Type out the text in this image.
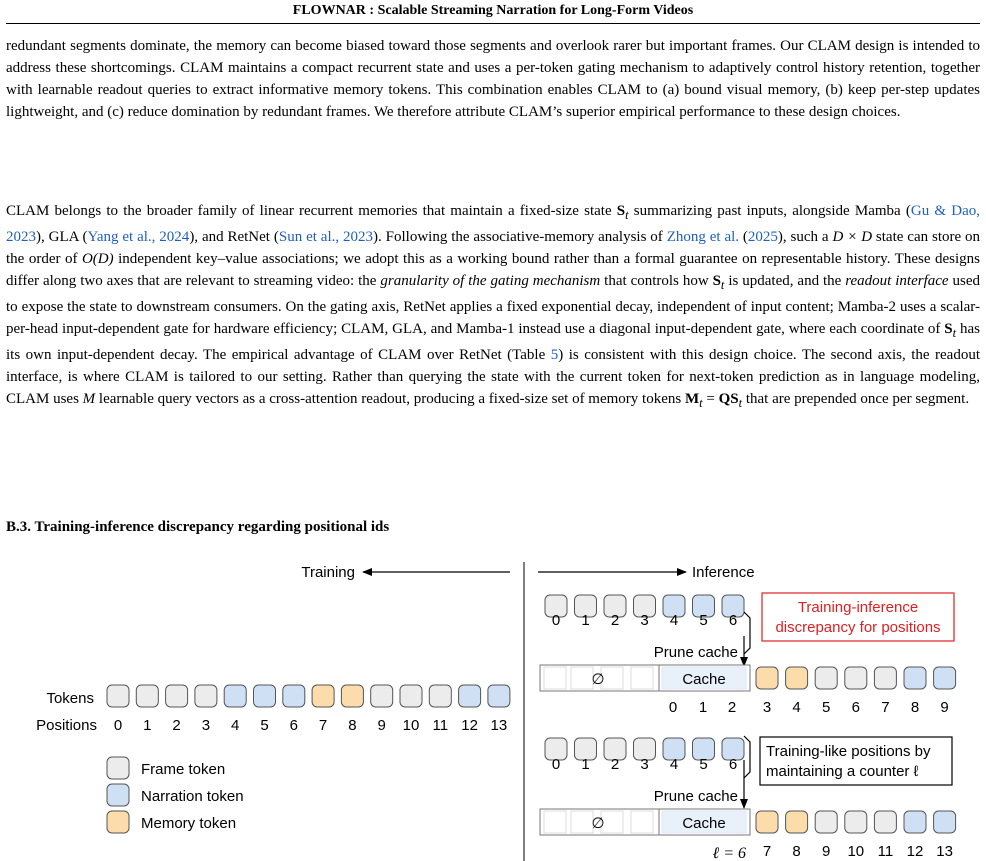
FLOWNAR : Scalable Streaming Narration for Long-Form Videos

redundant segments dominate, the memory can become biased toward those segments and overlook rarer but important frames. Our CLAM design is intended to address these shortcomings. CLAM maintains a compact recurrent state and uses a per-token gating mechanism to adaptively control history retention, together with learnable readout queries to extract informative memory tokens. This combination enables CLAM to (a) bound visual memory, (b) keep per-step updates lightweight, and (c) reduce domination by redundant frames. We therefore attribute CLAM’s superior empirical performance to these design choices.

CLAM belongs to the broader family of linear recurrent memories that maintain a fixed-size state $S_t$ summarizing past inputs, alongside Mamba (Gu & Dao, 2023), GLA (Yang et al., 2024), and RetNet (Sun et al., 2023). Following the associative-memory analysis of Zhong et al. (2025), such a D × D state can store on the order of O(D) independent key–value associations; we adopt this as a working bound rather than a formal guarantee on representable history. These designs differ along two axes that are relevant to streaming video: the granularity of the gating mechanism that controls how $S_t$ is updated, and the readout interface used to expose the state to downstream consumers. On the gating axis, RetNet applies a fixed exponential decay, independent of input content; Mamba-2 uses a scalar-per-head input-dependent gate for hardware efficiency; CLAM, GLA, and Mamba-1 instead use a diagonal input-dependent gate, where each coordinate of $S_t$ has its own input-dependent decay. The empirical advantage of CLAM over RetNet (Table 5) is consistent with this design choice. The second axis, the readout interface, is where CLAM is tailored to our setting. Rather than querying the state with the current token for next-token prediction as in language modeling, CLAM uses M learnable query vectors as a cross-attention readout, producing a fixed-size set of memory tokens $M_t = QS_t$ that are prepended once per segment.

B.3. Training-inference discrepancy regarding positional ids
Training	Inference
Tokens
Positions 0 1 2 3 4 5 6 7 8 9 10 11 12 13
Frame token
Narration token
Memory token
0 1 2 3 4 5 6
Prune cache
∅	Cache
0 1 2 3 4 5 6 7 8 9
Training-inference
discrepancy for positions
0 1 2 3 4 5 6
Prune cache
∅	Cache
ℓ = 6 7 8 9 10 11 12 13
Training-like positions by
maintaining a counter ℓ
